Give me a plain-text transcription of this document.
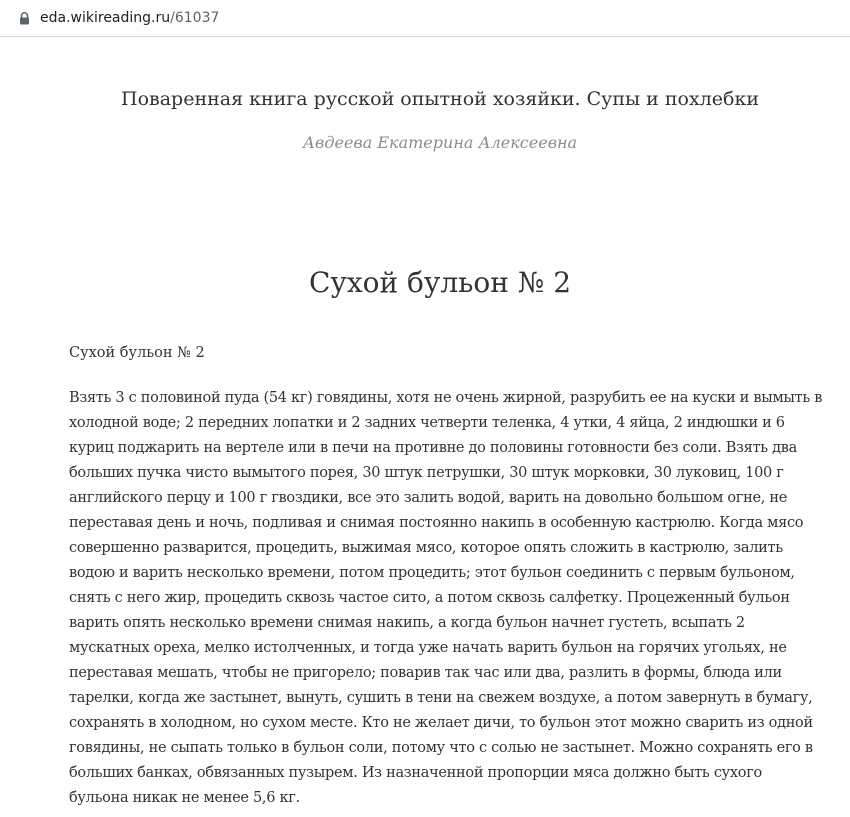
eda.wikireading.ru/61037
Поваренная книга русской опытной хозяйки. Супы и похлебки
Авдеева Екатерина Алексеевна
Сухой бульон № 2

Сухой бульон № 2

Взять 3 с половиной пуда (54 кг) говядины, хотя не очень жирной, разрубить ее на куски и вымыть в холодной воде; 2 передних лопатки и 2 задних четверти теленка, 4 утки, 4 яйца, 2 индюшки и 6 куриц поджарить на вертеле или в печи на противне до половины готовности без соли. Взять два больших пучка чисто вымытого порея, 30 штук петрушки, 30 штук морковки, 30 луковиц, 100 г английского перцу и 100 г гвоздики, все это залить водой, варить на довольно большом огне, не переставая день и ночь, подливая и снимая постоянно накипь в особенную кастрюлю. Когда мясо совершенно разварится, процедить, выжимая мясо, которое опять сложить в кастрюлю, залить водою и варить несколько времени, потом процедить; этот бульон соединить с первым бульоном, снять с него жир, процедить сквозь частое сито, а потом сквозь салфетку. Процеженный бульон варить опять несколько времени снимая накипь, а когда бульон начнет густеть, всыпать 2 мускатных ореха, мелко истолченных, и тогда уже начать варить бульон на горячих угольях, не переставая мешать, чтобы не пригорело; поварив так час или два, разлить в формы, блюда или тарелки, когда же застынет, вынуть, сушить в тени на свежем воздухе, а потом завернуть в бумагу, сохранять в холодном, но сухом месте. Кто не желает дичи, то бульон этот можно сварить из одной говядины, не сыпать только в бульон соли, потому что с солью не застынет. Можно сохранять его в больших банках, обвязанных пузырем. Из назначенной пропорции мяса должно быть сухого бульона никак не менее 5,6 кг.
